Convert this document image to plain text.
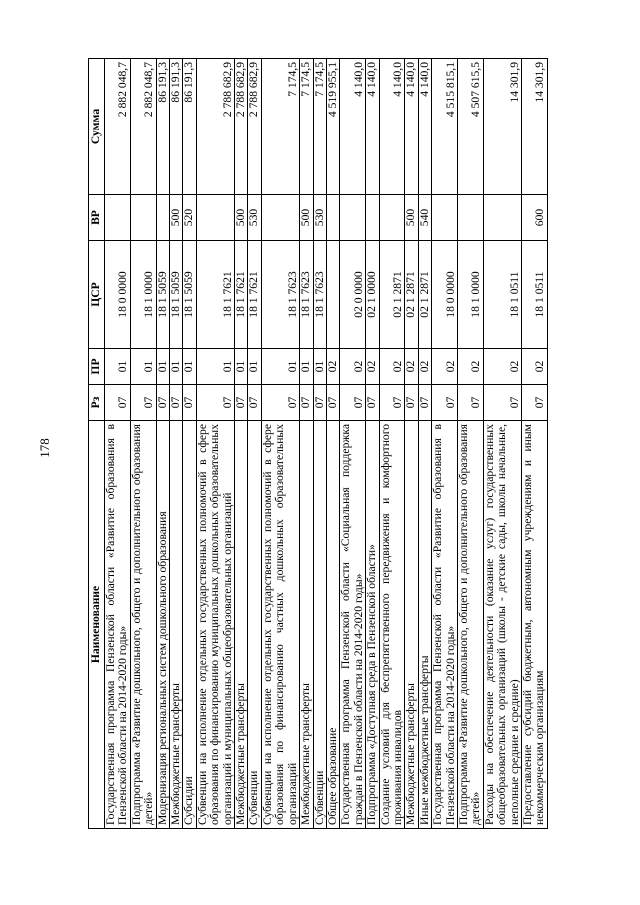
178
Наименование	Рз	ПР	ЦСР	ВР	Сумма
Государственная программа Пензенской области «Развитие образования в Пензенской области на 2014-2020 годы»	07	01	18 0 0000		2 882 048,7
Подпрограмма «Развитие дошкольного, общего и дополнительного образования детей»	07	01	18 1 0000		2 882 048,7
Модернизация региональных систем дошкольного образования	07	01	18 1 5059		86 191,3
Межбюджетные трансферты	07	01	18 1 5059	500	86 191,3
Субсидии	07	01	18 1 5059	520	86 191,3
Субвенции на исполнение отдельных государственных полномочий в сфере образования по финансированию муниципальных дошкольных образовательных организаций и муниципальных общеобразовательных организаций	07	01	18 1 7621		2 788 682,9
Межбюджетные трансферты	07	01	18 1 7621	500	2 788 682,9
Субвенции	07	01	18 1 7621	530	2 788 682,9
Субвенции на исполнение отдельных государственных полномочий в сфере образования по финансированию частных дошкольных образовательных организаций	07	01	18 1 7623		7 174,5
Межбюджетные трансферты	07	01	18 1 7623	500	7 174,5
Субвенции	07	01	18 1 7623	530	7 174,5
Общее образование	07	02			4 519 955,1
Государственная программа Пензенской области «Социальная поддержка граждан в Пензенской области на 2014-2020 годы»	07	02	02 0 0000		4 140,0
Подпрограмма «Доступная среда в Пензенской области»	07	02	02 1 0000		4 140,0
Создание условий для беспрепятственного передвижения и комфортного проживания инвалидов	07	02	02 1 2871		4 140,0
Межбюджетные трансферты	07	02	02 1 2871	500	4 140,0
Иные межбюджетные трансферты	07	02	02 1 2871	540	4 140,0
Государственная программа Пензенской области «Развитие образования в Пензенской области на 2014-2020 годы»	07	02	18 0 0000		4 515 815,1
Подпрограмма «Развитие дошкольного, общего и дополнительного образования детей»	07	02	18 1 0000		4 507 615,5
Расходы на обеспечение деятельности (оказание услуг) государственных общеобразовательных организаций (школы - детские сады, школы начальные, неполные средние и средние)	07	02	18 1 0511		14 301,9
Предоставление субсидий бюджетным, автономным учреждениям и иным некоммерческим организациям	07	02	18 1 0511	600	14 301,9
